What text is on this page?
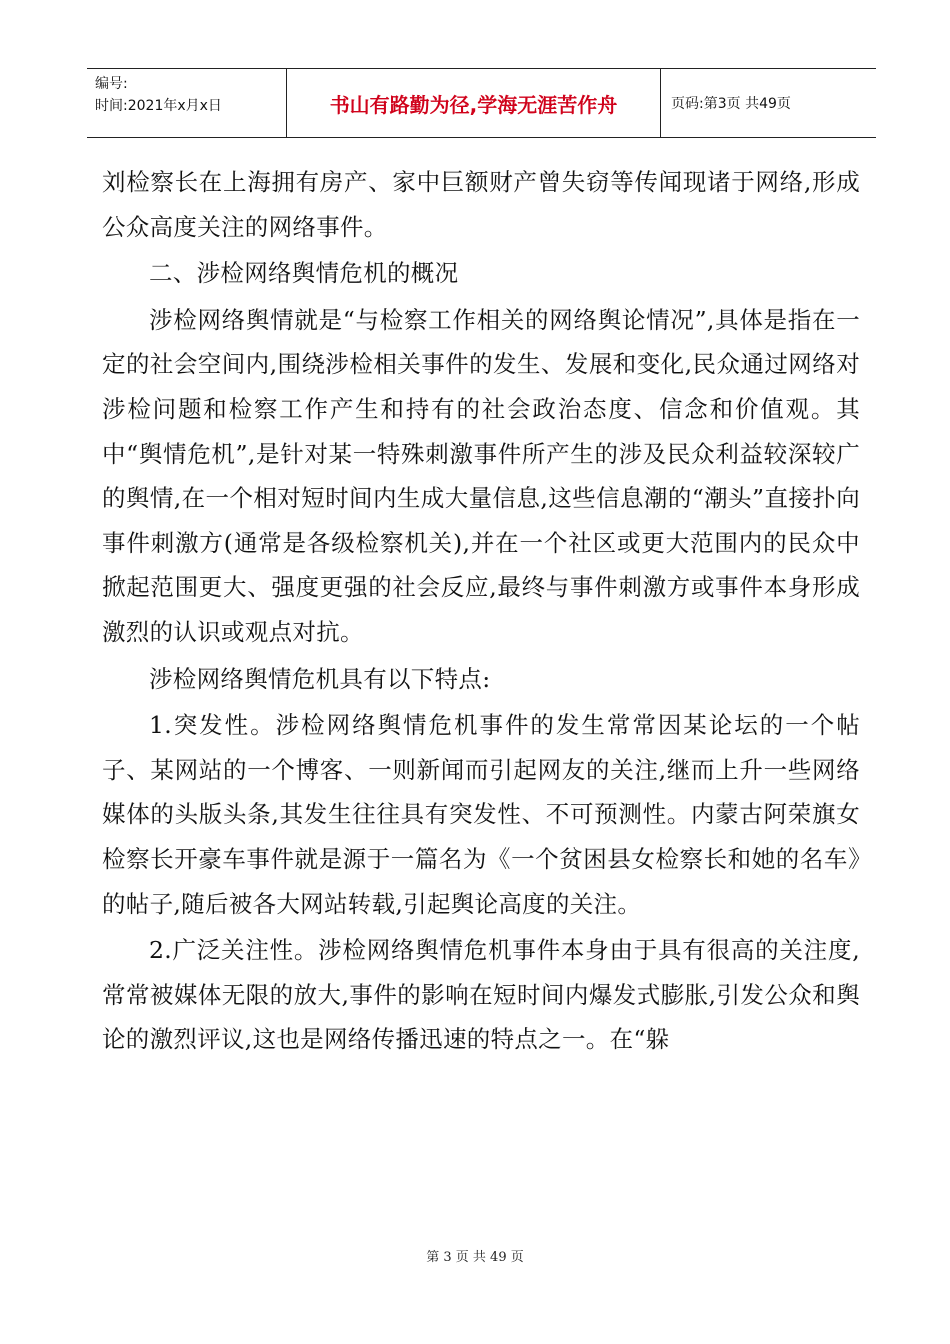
编号:
时间:2021年x月x日	书山有路勤为径,学海无涯苦作舟	页码:第3页 共49页

刘检察长在上海拥有房产、家中巨额财产曾失窃等传闻现诸于网络,形成公众高度关注的网络事件。

二、涉检网络舆情危机的概况

涉检网络舆情就是“与检察工作相关的网络舆论情况”,具体是指在一定的社会空间内,围绕涉检相关事件的发生、发展和变化,民众通过网络对涉检问题和检察工作产生和持有的社会政治态度、信念和价值观。其中“舆情危机”,是针对某一特殊刺激事件所产生的涉及民众利益较深较广的舆情,在一个相对短时间内生成大量信息,这些信息潮的“潮头”直接扑向事件刺激方(通常是各级检察机关),并在一个社区或更大范围内的民众中掀起范围更大、强度更强的社会反应,最终与事件刺激方或事件本身形成激烈的认识或观点对抗。

涉检网络舆情危机具有以下特点:

1.突发性。涉检网络舆情危机事件的发生常常因某论坛的一个帖子、某网站的一个博客、一则新闻而引起网友的关注,继而上升一些网络媒体的头版头条,其发生往往具有突发性、不可预测性。内蒙古阿荣旗女检察长开豪车事件就是源于一篇名为《一个贫困县女检察长和她的名车》的帖子,随后被各大网站转载,引起舆论高度的关注。

2.广泛关注性。涉检网络舆情危机事件本身由于具有很高的关注度,常常被媒体无限的放大,事件的影响在短时间内爆发式膨胀,引发公众和舆论的激烈评议,这也是网络传播迅速的特点之一。在“躲

第 3 页 共 49 页
